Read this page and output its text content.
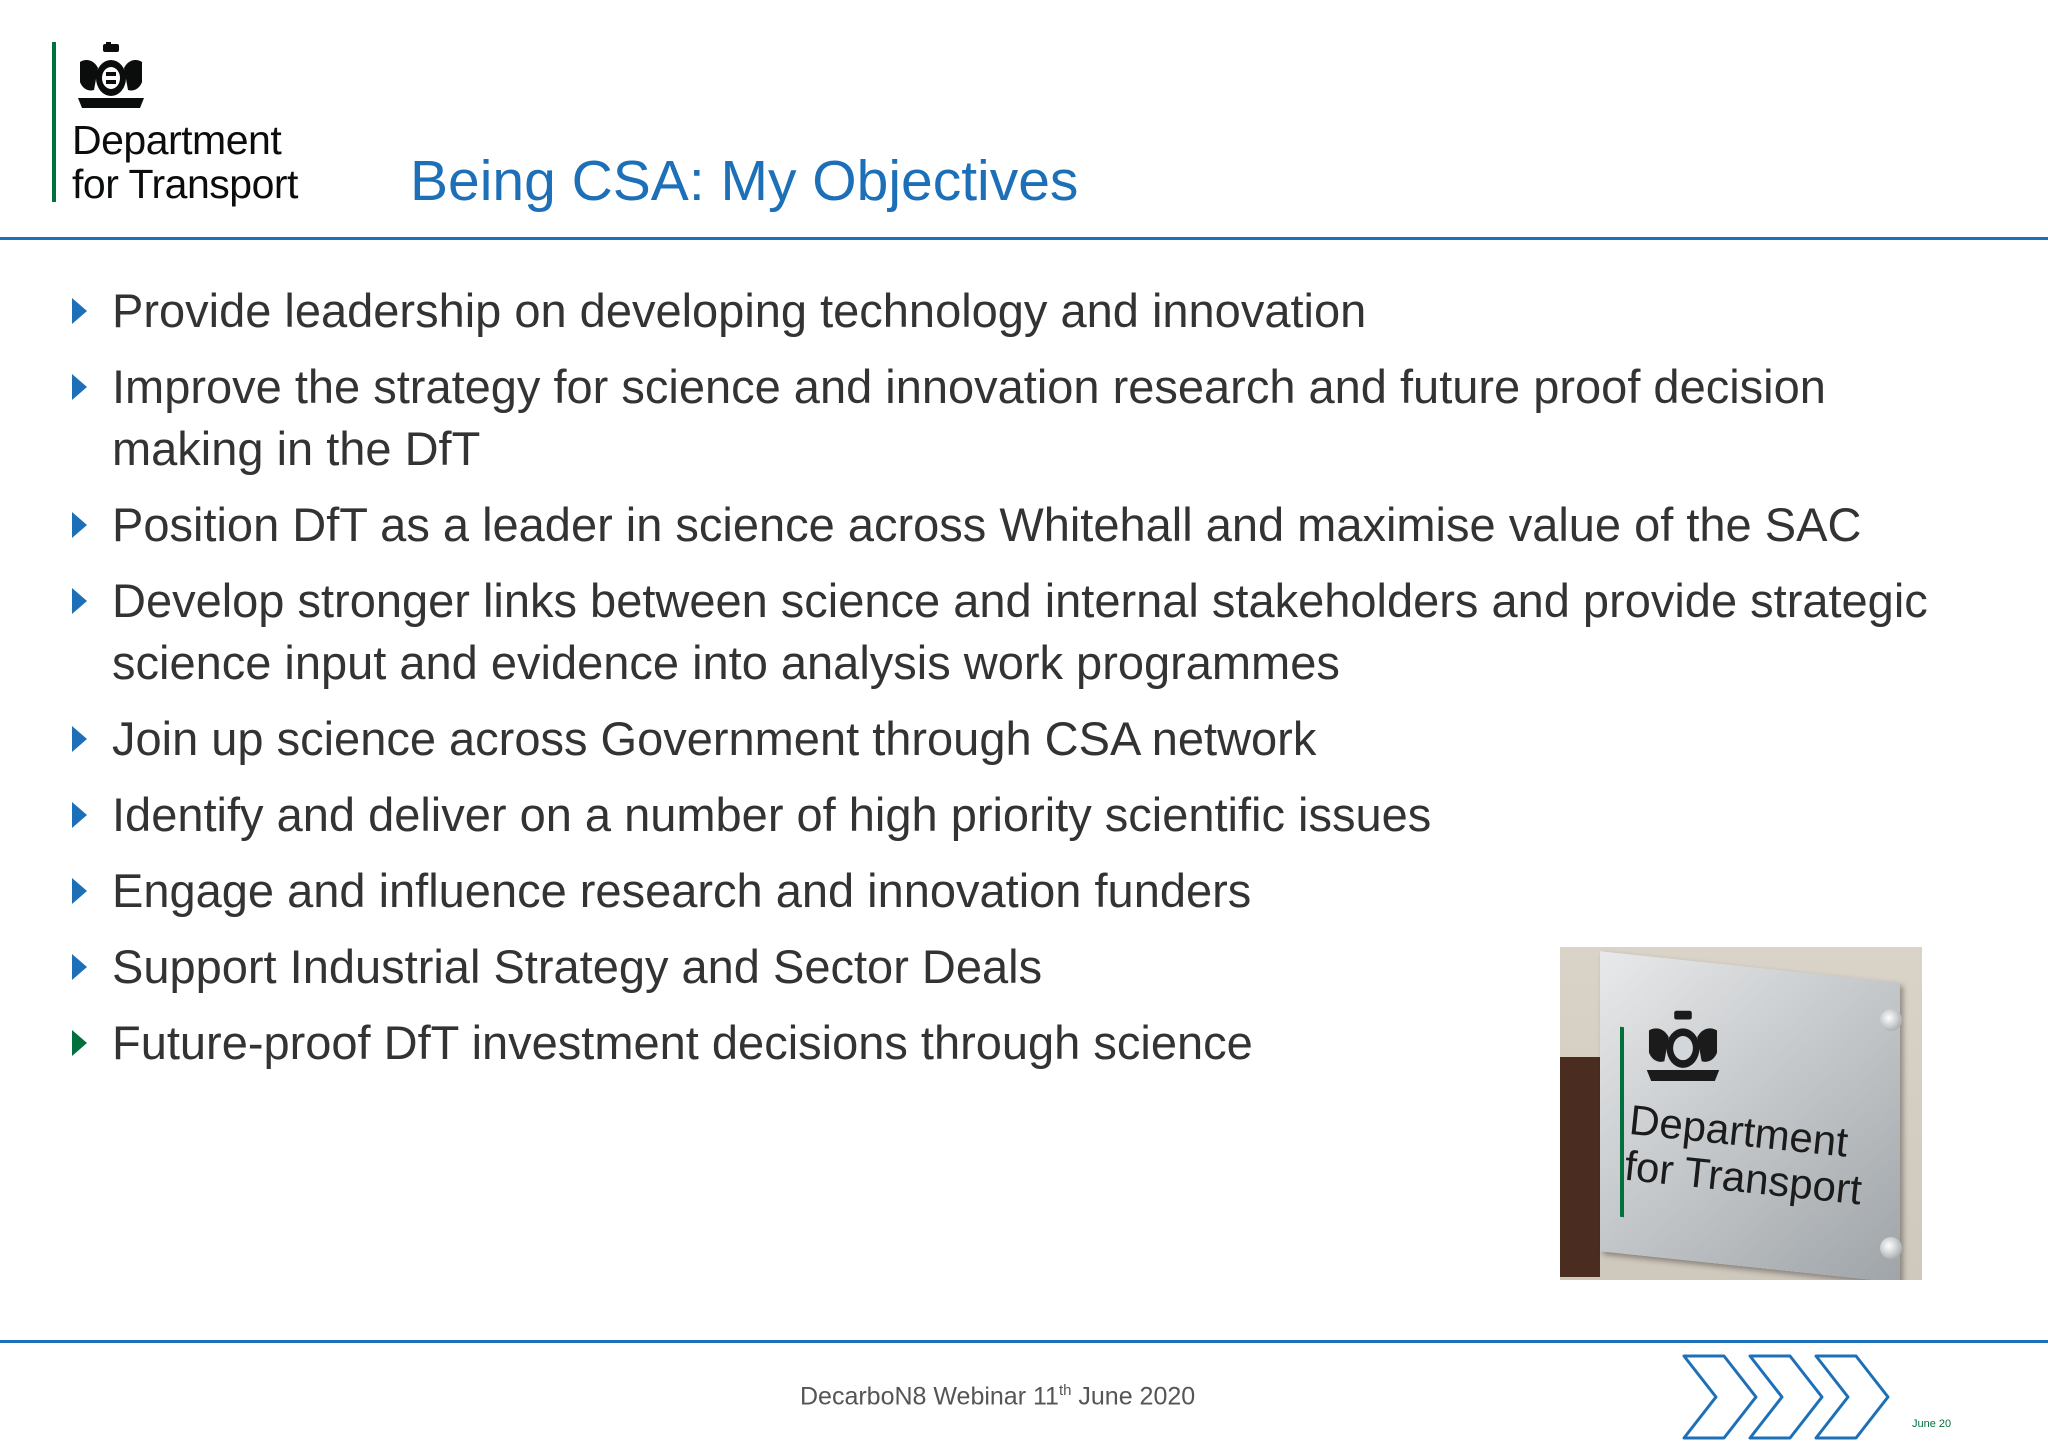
Department
for Transport Being CSA: My Objectives
Provide leadership on developing technology and innovation
Improve the strategy for science and innovation research and future proof decision making in the DfT
Position DfT as a leader in science across Whitehall and maximise value of the SAC
Develop stronger links between science and internal stakeholders and provide strategic science input and evidence into analysis work programmes
Join up science across Government through CSA network
Identify and deliver on a number of high priority scientific issues
Engage and influence research and innovation funders
Support Industrial Strategy and Sector Deals
Future-proof DfT investment decisions through science
Department
for Transport
DecarboN8 Webinar 11th June 2020
June 20
